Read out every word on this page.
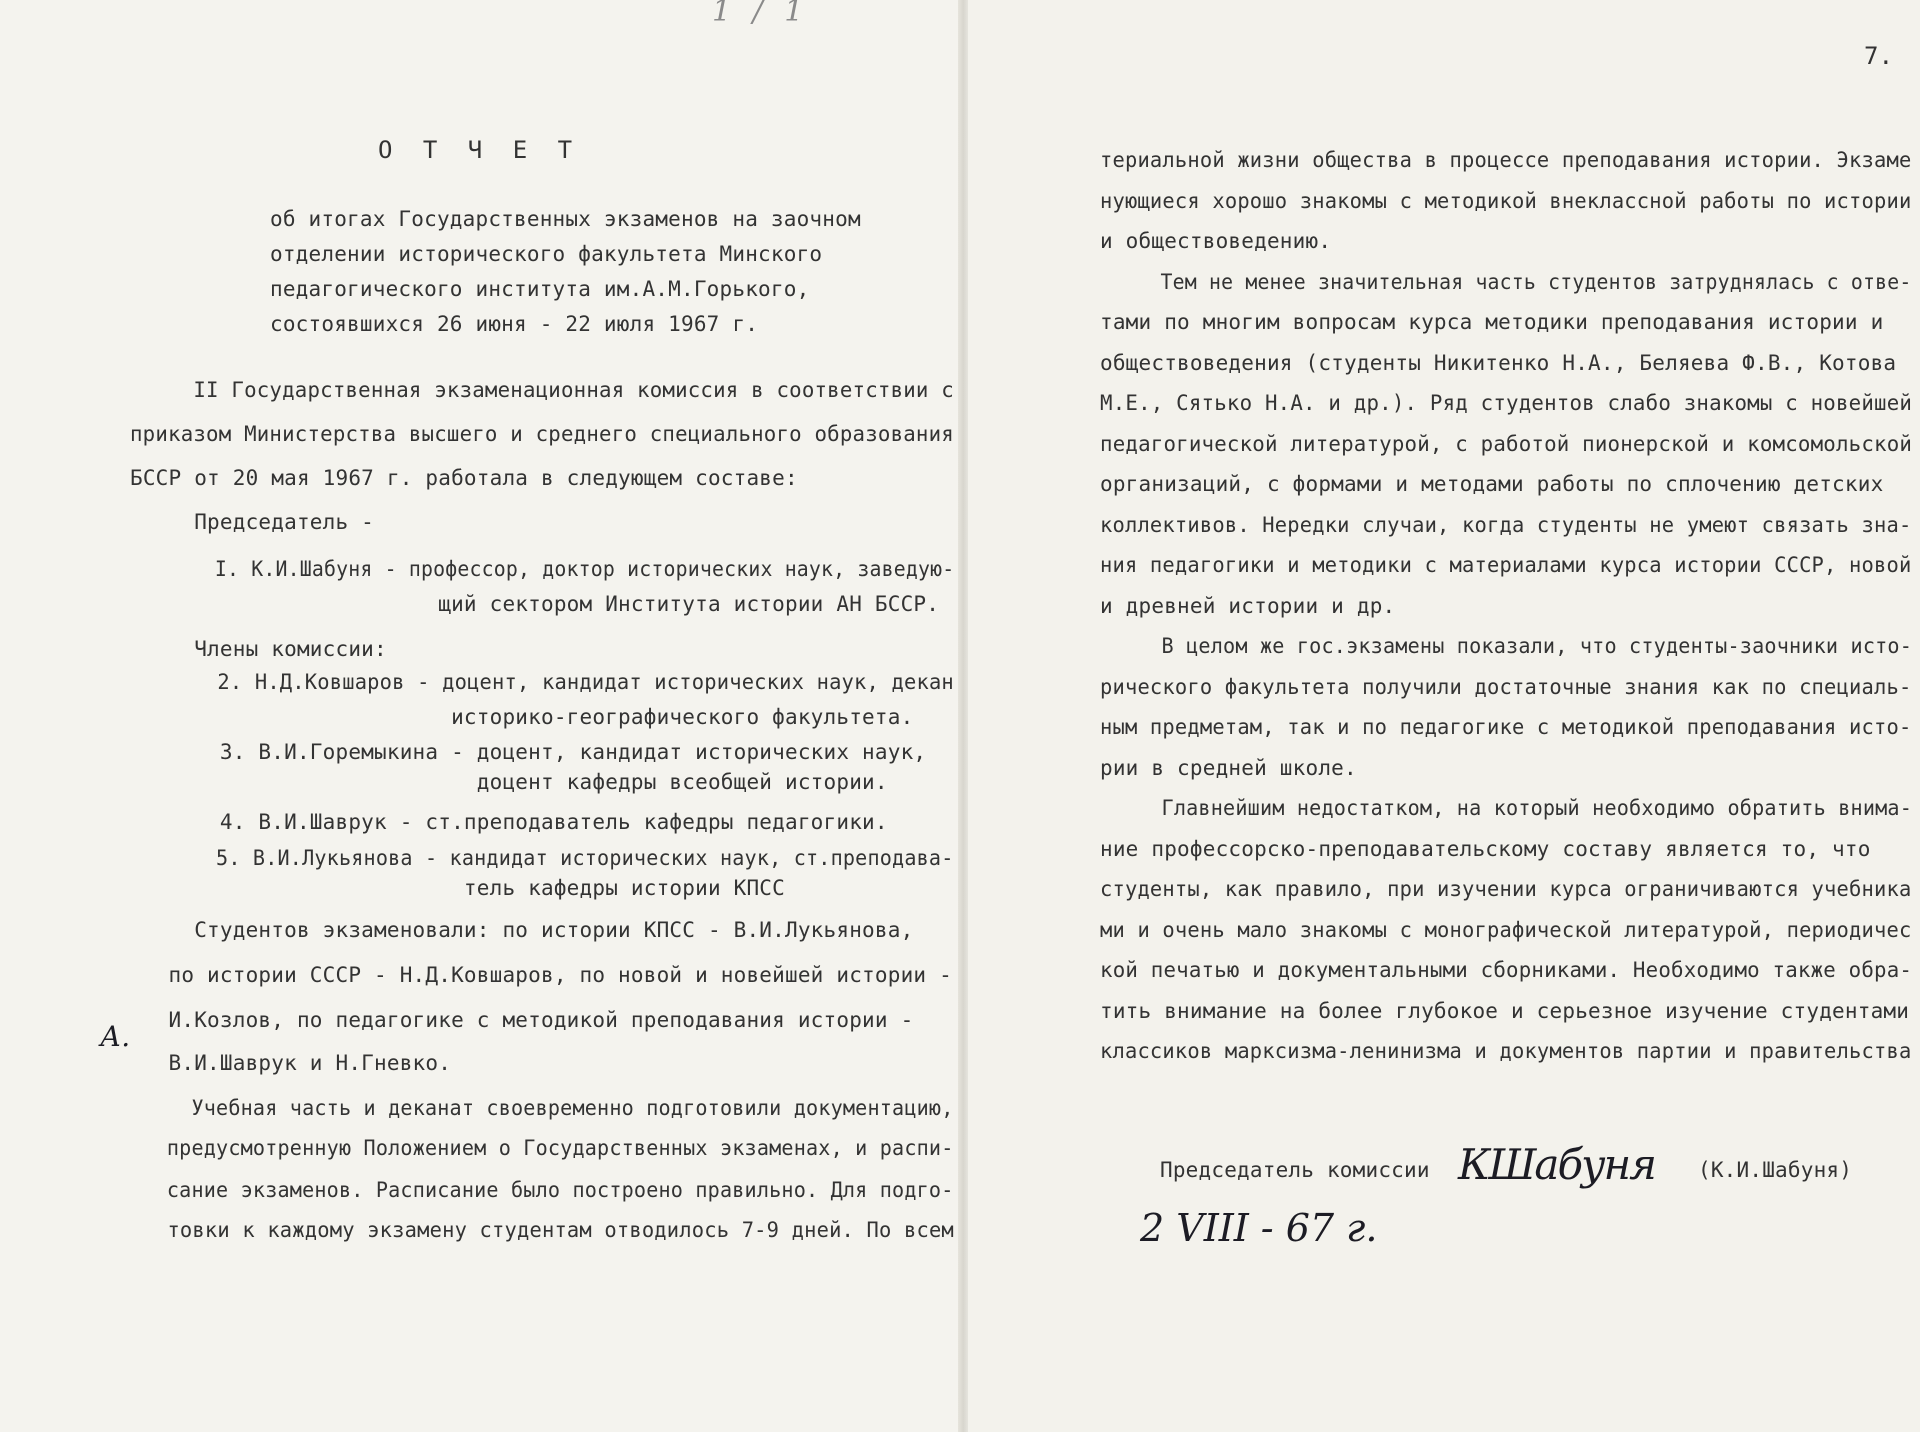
1 / 1
О Т Ч Е Т
об итогах Государственных экзаменов на заочном
отделении исторического факультета Минского
педагогического института им.А.М.Горького,
состоявшихся 26 июня - 22 июля 1967 г.
II Государственная экзаменационная комиссия в соответствии с
приказом Министерства высшего и среднего специального образования
БССР от 20 мая 1967 г. работала в следующем составе:
Председатель -
I. К.И.Шабуня - профессор, доктор исторических наук, заведую-
щий сектором Института истории АН БССР.
Члены комиссии:
2. Н.Д.Ковшаров - доцент, кандидат исторических наук, декан
историко-географического факультета.
3. В.И.Горемыкина - доцент, кандидат исторических наук,
доцент кафедры всеобщей истории.
4. В.И.Шаврук - ст.преподаватель кафедры педагогики.
5. В.И.Лукьянова - кандидат исторических наук, ст.преподава-
тель кафедры истории КПСС
Студентов экзаменовали: по истории КПСС - В.И.Лукьянова,
по истории СССР - Н.Д.Ковшаров, по новой и новейшей истории -
И.Козлов, по педагогике с методикой преподавания истории -
В.И.Шаврук и Н.Гневко.
Учебная часть и деканат своевременно подготовили документацию,
предусмотренную Положением о Государственных экзаменах, и распи-
сание экзаменов. Расписание было построено правильно. Для подго-
товки к каждому экзамену студентам отводилось 7-9 дней. По всем
А.
7.
териальной жизни общества в процессе преподавания истории. Экзаме
нующиеся хорошо знакомы с методикой внеклассной работы по истории
и обществоведению.
Тем не менее значительная часть студентов затруднялась с отве-
тами по многим вопросам курса методики преподавания истории и
обществоведения (студенты Никитенко Н.А., Беляева Ф.В., Котова
М.Е., Сятько Н.А. и др.). Ряд студентов слабо знакомы с новейшей
педагогической литературой, с работой пионерской и комсомольской
организаций, с формами и методами работы по сплочению детских
коллективов. Нередки случаи, когда студенты не умеют связать зна-
ния педагогики и методики с материалами курса истории СССР, новой
и древней истории и др.
В целом же гос.экзамены показали, что студенты-заочники исто-
рического факультета получили достаточные знания как по специаль-
ным предметам, так и по педагогике с методикой преподавания исто-
рии в средней школе.
Главнейшим недостатком, на который необходимо обратить внима-
ние профессорско-преподавательскому составу является то, что
студенты, как правило, при изучении курса ограничиваются учебника
ми и очень мало знакомы с монографической литературой, периодичес
кой печатью и документальными сборниками. Необходимо также обра-
тить внимание на более глубокое и серьезное изучение студентами
классиков марксизма-ленинизма и документов партии и правительства
Председатель комиссии КШабуня (К.И.Шабуня)
2 VIII - 67 г.
